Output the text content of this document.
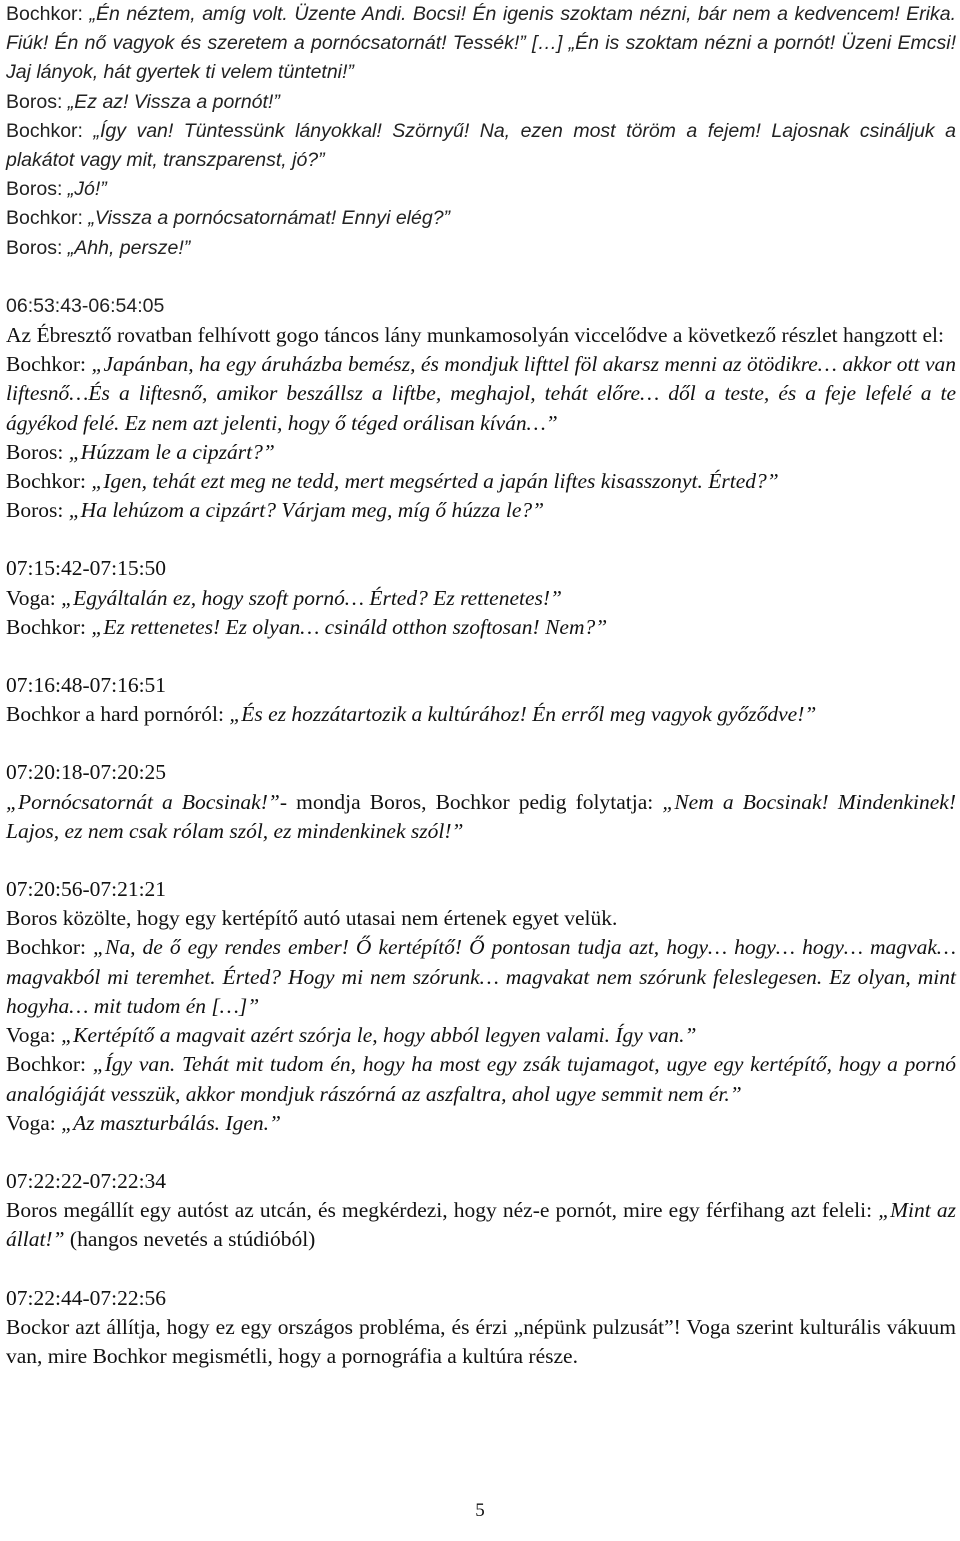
Bochkor: „Én néztem, amíg volt. Üzente Andi. Bocsi! Én igenis szoktam nézni, bár nem a kedvencem! Erika. Fiúk! Én nő vagyok és szeretem a pornócsatornát! Tessék!” […] „Én is szoktam nézni a pornót! Üzeni Emcsi! Jaj lányok, hát gyertek ti velem tüntetni!”

Boros: „Ez az! Vissza a pornót!”

Bochkor: „Így van! Tüntessünk lányokkal! Szörnyű! Na, ezen most töröm a fejem! Lajosnak csináljuk a plakátot vagy mit, transzparenst, jó?”

Boros: „Jó!”

Bochkor: „Vissza a pornócsatornámat! Ennyi elég?”

Boros: „Ahh, persze!”

06:53:43-06:54:05

Az Ébresztő rovatban felhívott gogo táncos lány munkamosolyán viccelődve a következő részlet hangzott el:

Bochkor: „Japánban, ha egy áruházba bemész, és mondjuk lifttel föl akarsz menni az ötödikre… akkor ott van liftesnő…És a liftesnő, amikor beszállsz a liftbe, meghajol, tehát előre… dől a teste, és a feje lefelé a te ágyékod felé. Ez nem azt jelenti, hogy ő téged orálisan kíván…”

Boros: „Húzzam le a cipzárt?”

Bochkor: „Igen, tehát ezt meg ne tedd, mert megsérted a japán liftes kisasszonyt. Érted?”

Boros: „Ha lehúzom a cipzárt? Várjam meg, míg ő húzza le?”

07:15:42-07:15:50

Voga: „Egyáltalán ez, hogy szoft pornó… Érted? Ez rettenetes!”

Bochkor: „Ez rettenetes! Ez olyan… csináld otthon szoftosan! Nem?”

07:16:48-07:16:51

Bochkor a hard pornóról: „És ez hozzátartozik a kultúrához! Én erről meg vagyok győződve!”

07:20:18-07:20:25

„Pornócsatornát a Bocsinak!”- mondja Boros, Bochkor pedig folytatja: „Nem a Bocsinak! Mindenkinek! Lajos, ez nem csak rólam szól, ez mindenkinek szól!”

07:20:56-07:21:21

Boros közölte, hogy egy kertépítő autó utasai nem értenek egyet velük.

Bochkor: „Na, de ő egy rendes ember! Ő kertépítő! Ő pontosan tudja azt, hogy… hogy… hogy… magvak…magvakból mi teremhet. Érted? Hogy mi nem szórunk… magvakat nem szórunk feleslegesen. Ez olyan, mint hogyha… mit tudom én […]”

Voga: „Kertépítő a magvait azért szórja le, hogy abból legyen valami. Így van.”

Bochkor: „Így van. Tehát mit tudom én, hogy ha most egy zsák tujamagot, ugye egy kertépítő, hogy a pornó analógiáját vesszük, akkor mondjuk rászórná az aszfaltra, ahol ugye semmit nem ér.”

Voga: „Az maszturbálás. Igen.”

07:22:22-07:22:34

Boros megállít egy autóst az utcán, és megkérdezi, hogy néz-e pornót, mire egy férfihang azt feleli: „Mint az állat!” (hangos nevetés a stúdióból)

07:22:44-07:22:56

Bockor azt állítja, hogy ez egy országos probléma, és érzi „népünk pulzusát”! Voga szerint kulturális vákuum van, mire Bochkor megismétli, hogy a pornográfia a kultúra része.

5
